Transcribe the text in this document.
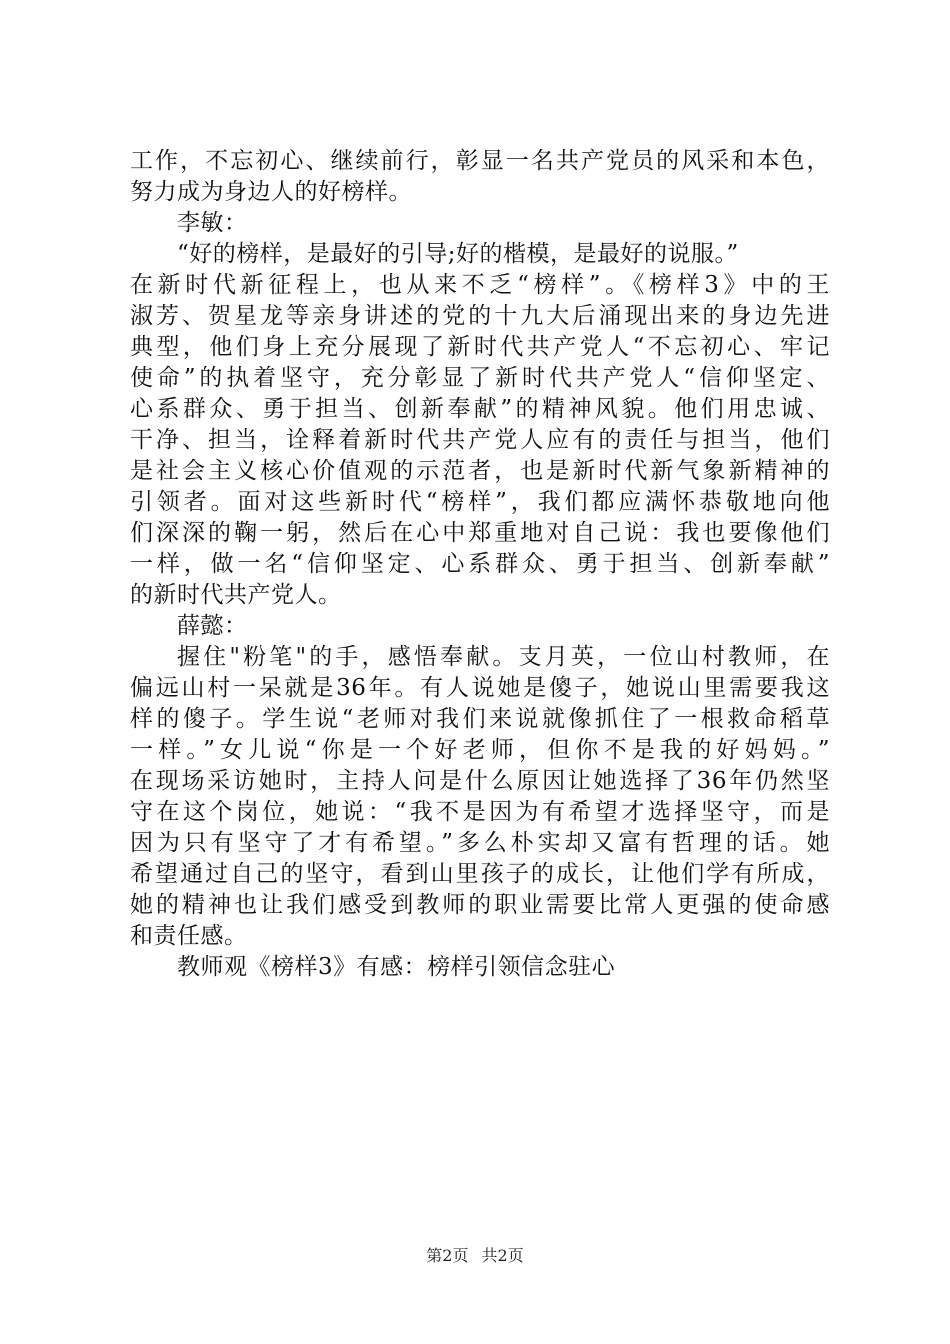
工作，不忘初心、继续前行，彰显一名共产党员的风采和本色，
努力成为身边人的好榜样。
李敏：
“好的榜样，是最好的引导;好的楷模，是最好的说服。”
在新时代新征程上，也从来不乏“榜样”。《榜样3》中的王
淑芳、贺星龙等亲身讲述的党的十九大后涌现出来的身边先进
典型，他们身上充分展现了新时代共产党人“不忘初心、牢记
使命”的执着坚守，充分彰显了新时代共产党人“信仰坚定、
心系群众、勇于担当、创新奉献”的精神风貌。他们用忠诚、
干净、担当，诠释着新时代共产党人应有的责任与担当，他们
是社会主义核心价值观的示范者，也是新时代新气象新精神的
引领者。面对这些新时代“榜样”，我们都应满怀恭敬地向他
们深深的鞠一躬，然后在心中郑重地对自己说：我也要像他们
一样，做一名“信仰坚定、心系群众、勇于担当、创新奉献”
的新时代共产党人。
薛懿：
握住"粉笔"的手，感悟奉献。支月英，一位山村教师，在
偏远山村一呆就是36年。有人说她是傻子，她说山里需要我这
样的傻子。学生说“老师对我们来说就像抓住了一根救命稻草
一样。”女儿说“你是一个好老师，但你不是我的好妈妈。”
在现场采访她时，主持人问是什么原因让她选择了36年仍然坚
守在这个岗位，她说：“我不是因为有希望才选择坚守，而是
因为只有坚守了才有希望。”多么朴实却又富有哲理的话。她
希望通过自己的坚守，看到山里孩子的成长，让他们学有所成，
她的精神也让我们感受到教师的职业需要比常人更强的使命感
和责任感。
教师观《榜样3》有感：榜样引领信念驻心
第2页 共2页
